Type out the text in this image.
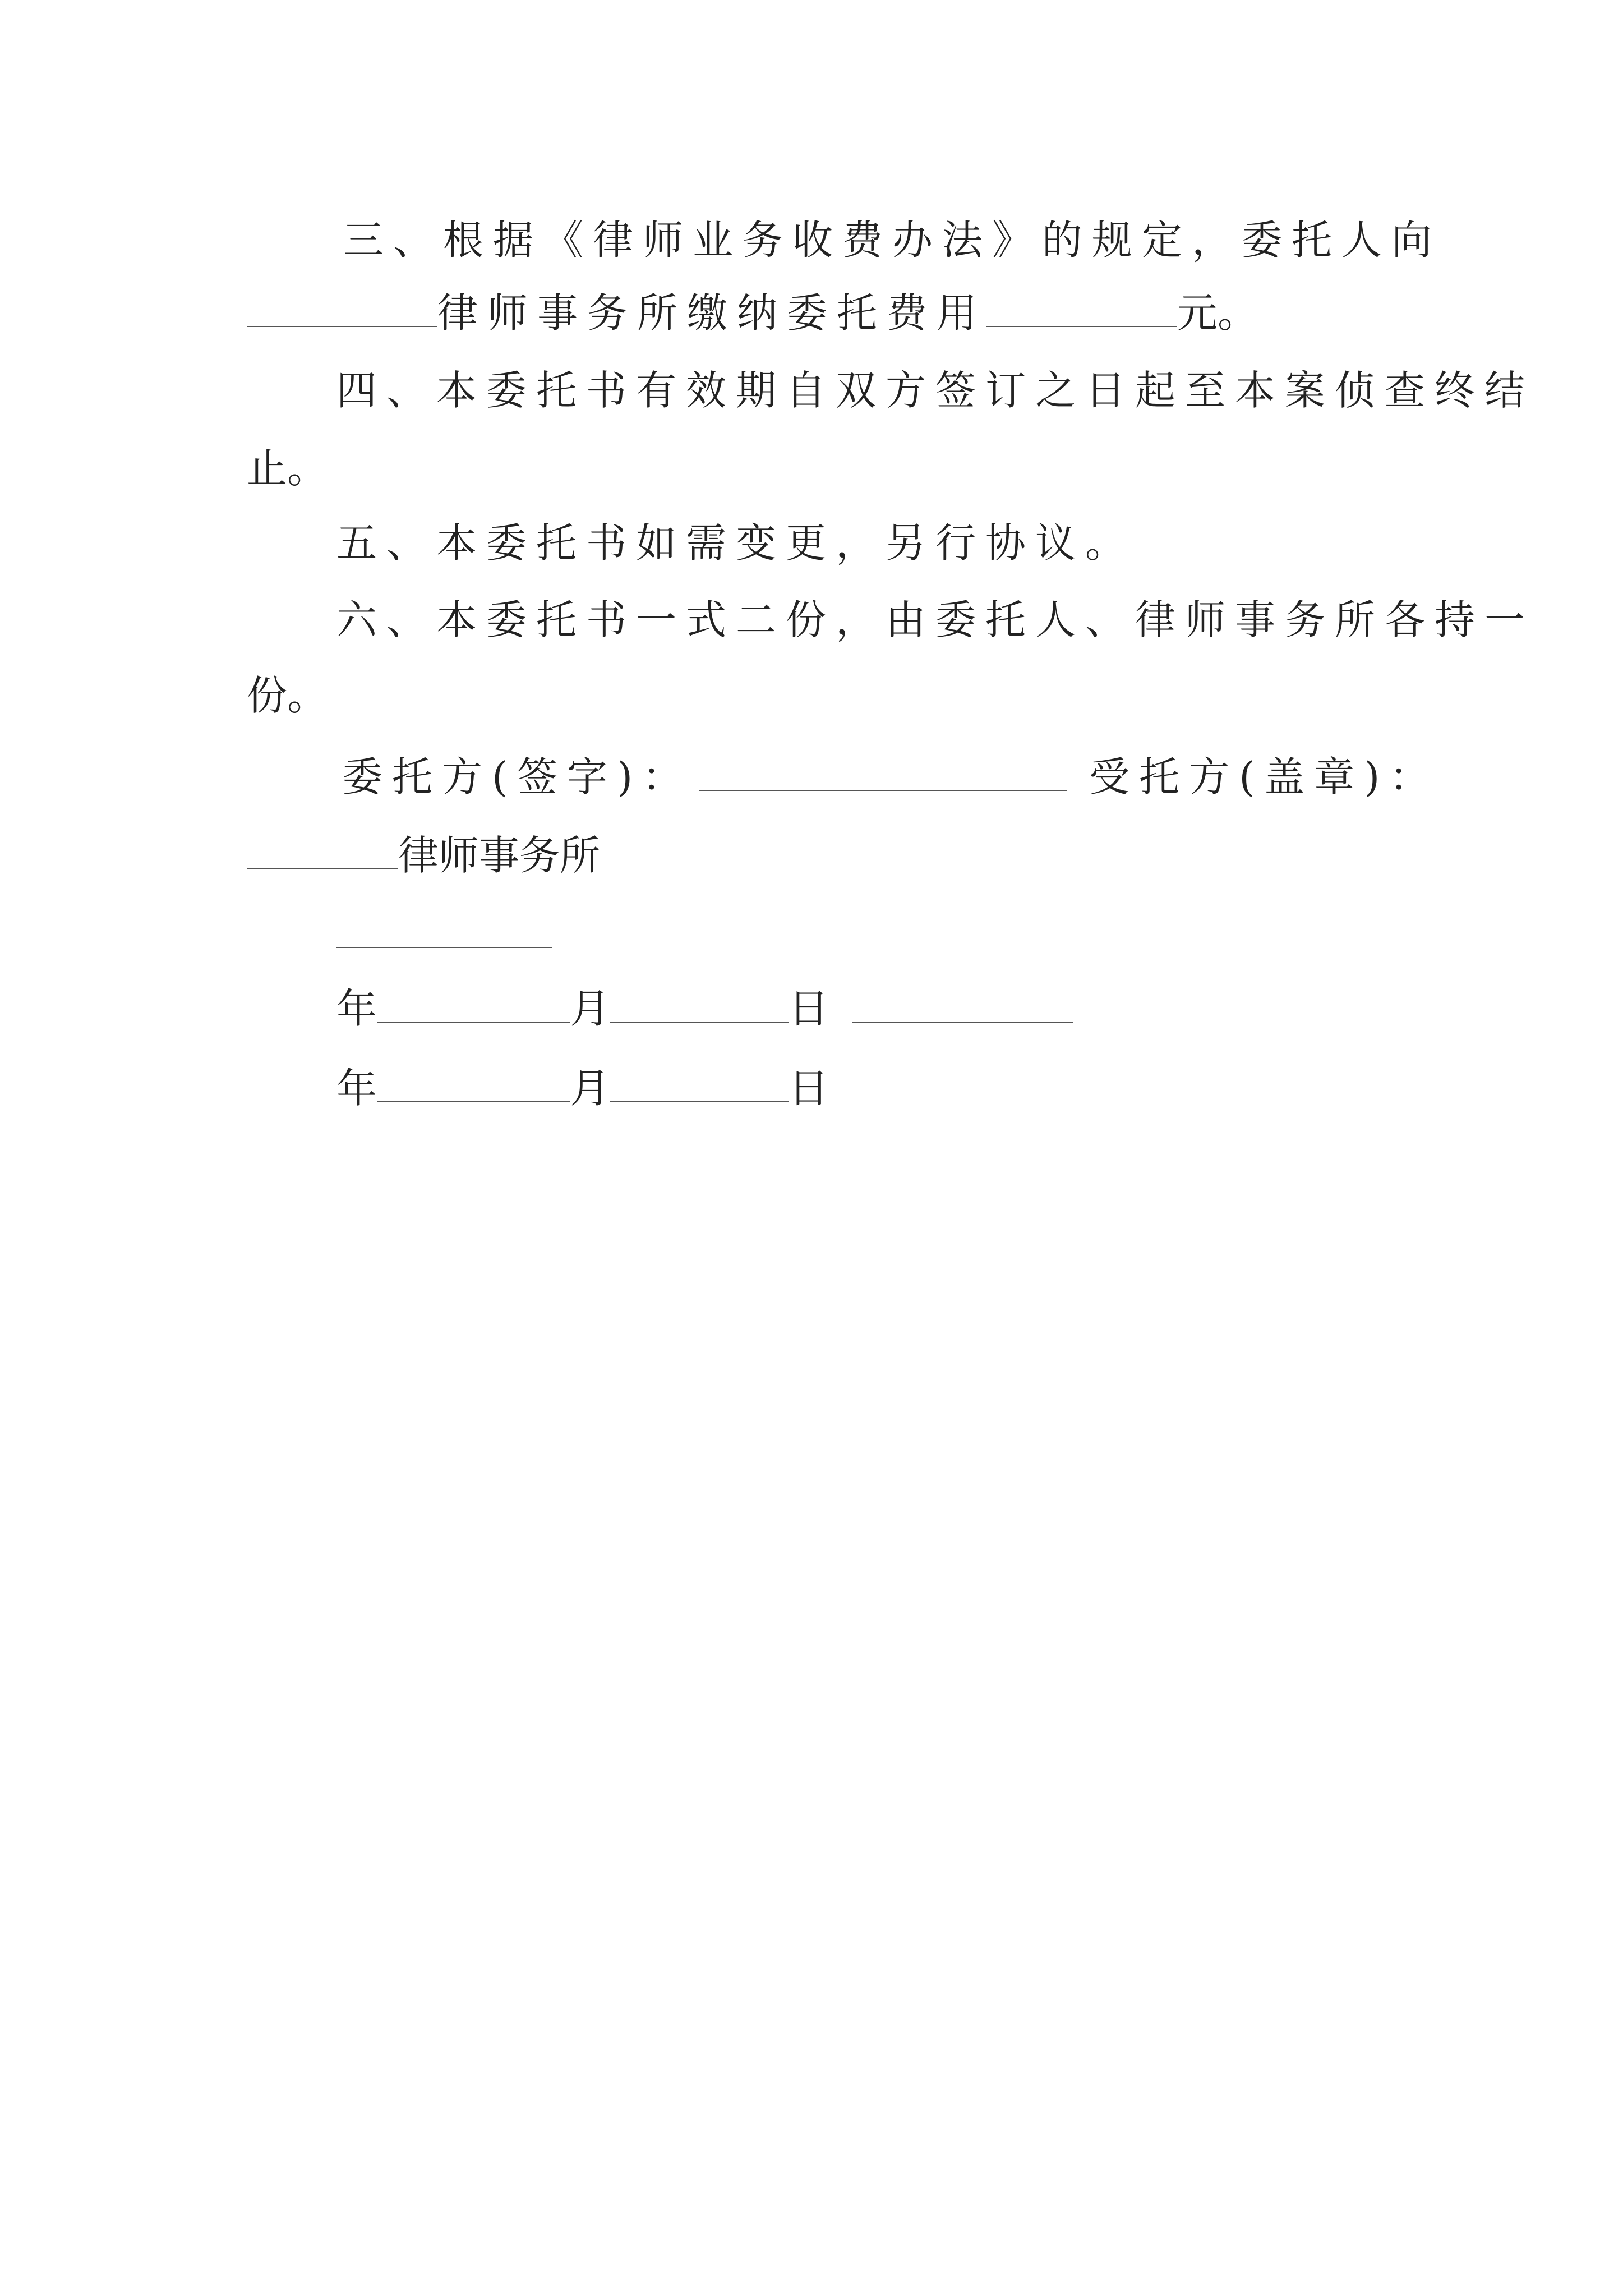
三、根据《律师业务收费办法》的规定，委托人向
律师事务所缴纳委托费用	元。
四、本委托书有效期自双方签订之日起至本案侦查终结
止。
五、本委托书如需变更，另行协议。
六、本委托书一式二份，由委托人、律师事务所各持一
份。
委托方(签字)：	受托方(盖章)：
律师事务所
年	月	日
年	月	日
